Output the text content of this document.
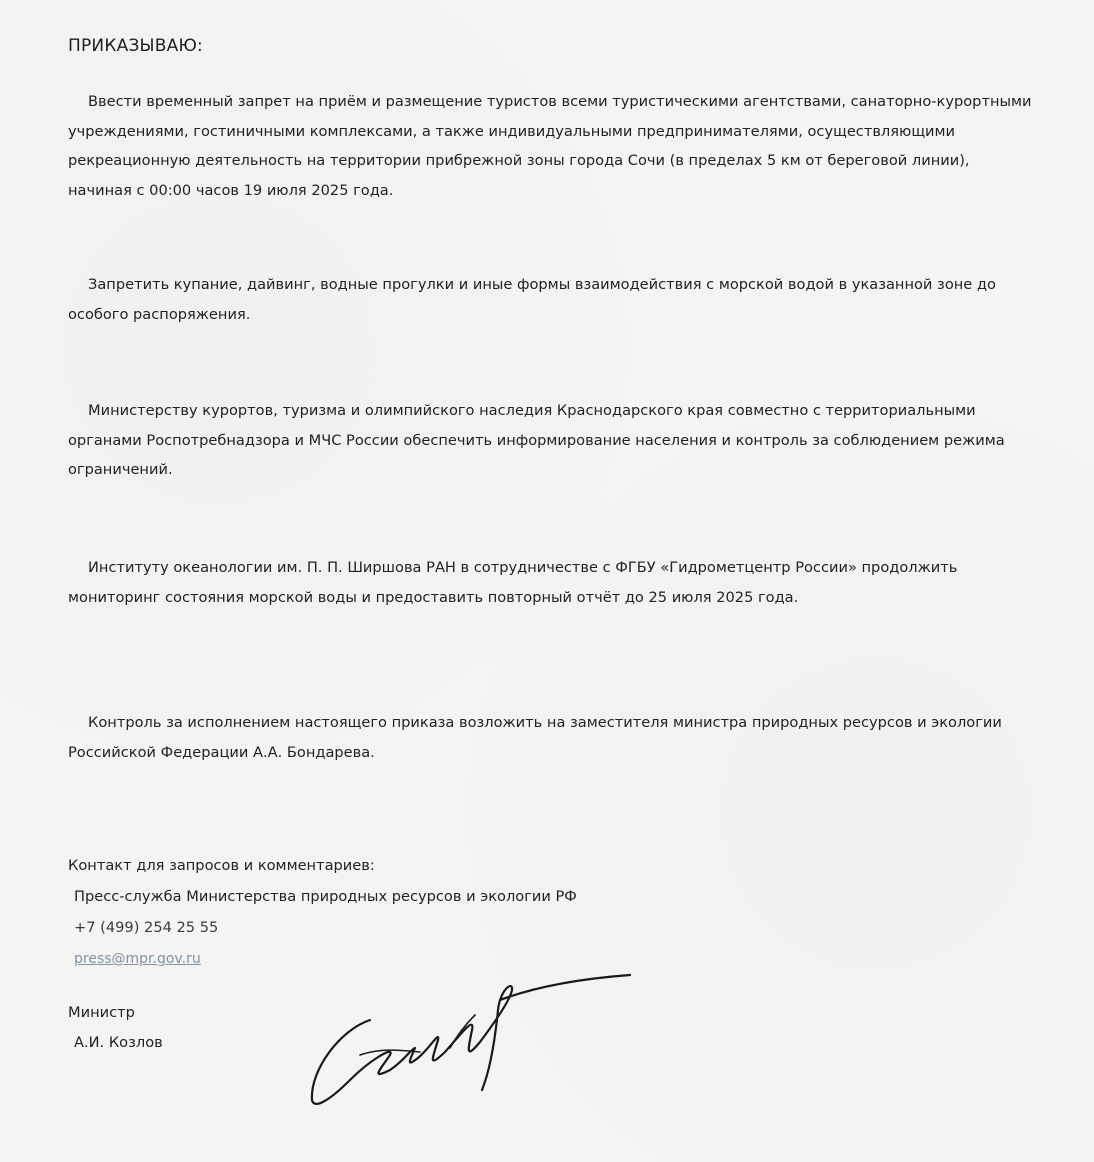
ПРИКАЗЫВАЮ:

Ввести временный запрет на приём и размещение туристов всеми туристическими агентствами, санаторно-курортными учреждениями, гостиничными комплексами, а также индивидуальными предпринимателями, осуществляющими рекреационную деятельность на территории прибрежной зоны города Сочи (в пределах 5 км от береговой линии), начиная с 00:00 часов 19 июля 2025 года.

Запретить купание, дайвинг, водные прогулки и иные формы взаимодействия с морской водой в указанной зоне до особого распоряжения.

Министерству курортов, туризма и олимпийского наследия Краснодарского края совместно с территориальными органами Роспотребнадзора и МЧС России обеспечить информирование населения и контроль за соблюдением режима ограничений.

Институту океанологии им. П. П. Ширшова РАН в сотрудничестве с ФГБУ «Гидрометцентр России» продолжить мониторинг состояния морской воды и предоставить повторный отчёт до 25 июля 2025 года.

Контроль за исполнением настоящего приказа возложить на заместителя министра природных ресурсов и экологии Российской Федерации А.А. Бондарева.

Контакт для запросов и комментариев:
Пресс-служба Министерства природных ресурсов и экологии РФ
+7 (499) 254 25 55
press@mpr.gov.ru
Министр
А.И. Козлов
